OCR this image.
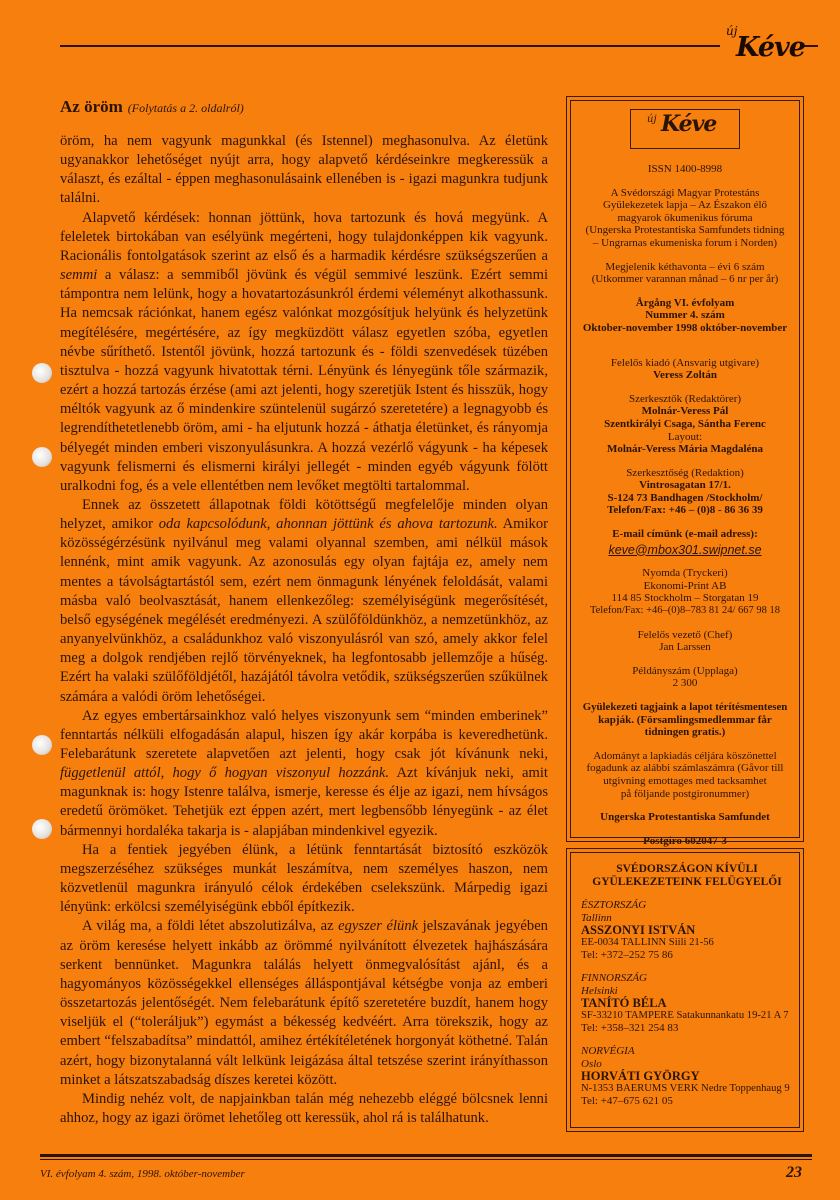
új
Kéve
Az öröm (Folytatás a 2. oldalról)

öröm, ha nem vagyunk magunkkal (és Istennel) meghasonulva. Az életünk ugyanakkor lehetőséget nyújt arra, hogy alapvető kérdéseinkre megkeressük a választ, és ezáltal - éppen meghasonulásaink ellenében is - igazi magunkra tudjunk találni.

Alapvető kérdések: honnan jöttünk, hova tartozunk és hová megyünk. A feleletek birtokában van esélyünk megérteni, hogy tulajdonképpen kik vagyunk. Racionális fontolgatások szerint az első és a harmadik kérdésre szükségszerűen a semmi a válasz: a semmiből jövünk és végül semmivé leszünk. Ezért semmi támpontra nem lelünk, hogy a hovatartozásunkról érdemi véleményt alkothassunk. Ha nemcsak rációnkat, hanem egész valónkat mozgósítjuk helyünk és helyzetünk megítélésére, megértésére, az így megküzdött válasz egyetlen szóba, egyetlen névbe sűríthető. Istentől jövünk, hozzá tartozunk és - földi szenvedések tüzében tisztulva - hozzá vagyunk hivatottak térni. Lényünk és lényegünk tőle származik, ezért a hozzá tartozás érzése (ami azt jelenti, hogy szeretjük Istent és hisszük, hogy méltók vagyunk az ő mindenkire szüntelenül sugárzó szeretetére) a legnagyobb és legrendíthetetlenebb öröm, ami - ha eljutunk hozzá - áthatja életünket, és rányomja bélyegét minden emberi viszonyulásunkra. A hozzá vezérlő vágyunk - ha képesek vagyunk felismerni és elismerni királyi jellegét - minden egyéb vágyunk fölött uralkodni fog, és a vele ellentétben nem levőket megtölti tartalommal.

Ennek az összetett állapotnak földi kötöttségű megfelelője minden olyan helyzet, amikor oda kapcsolódunk, ahonnan jöttünk és ahova tartozunk. Amikor közösségérzésünk nyilvánul meg valami olyannal szemben, ami nélkül mások lennénk, mint amik vagyunk. Az azonosulás egy olyan fajtája ez, amely nem mentes a távolságtartástól sem, ezért nem önmagunk lényének feloldását, valami másba való beolvasztását, hanem ellenkezőleg: személyiségünk megerősítését, belső egységének megélését eredményezi. A szülőföldünkhöz, a nemzetünkhöz, az anyanyelvünkhöz, a családunkhoz való viszonyulásról van szó, amely akkor felel meg a dolgok rendjében rejlő törvényeknek, ha legfontosabb jellemzője a hűség. Ezért ha valaki szülőföldjétől, hazájától távolra vetődik, szükségszerűen szűkülnek számára a valódi öröm lehetőségei.

Az egyes embertársainkhoz való helyes viszonyunk sem “minden emberinek” fenntartás nélküli elfogadásán alapul, hiszen így akár korpába is keveredhetünk. Felebarátunk szeretete alapvetően azt jelenti, hogy csak jót kívánunk neki, függetlenül attól, hogy ő hogyan viszonyul hozzánk. Azt kívánjuk neki, amit magunknak is: hogy Istenre találva, ismerje, keresse és élje az igazi, nem hívságos eredetű örömöket. Tehetjük ezt éppen azért, mert legbensőbb lényegünk - az élet bármennyi hordaléka takarja is - alapjában mindenkivel egyezik.

Ha a fentiek jegyében élünk, a létünk fenntartását biztosító eszközök megszerzéséhez szükséges munkát leszámítva, nem személyes haszon, nem közvetlenül magunkra irányuló célok érdekében cselekszünk. Márpedig igazi lényünk: erkölcsi személyiségünk ebből építkezik.

A világ ma, a földi létet abszolutizálva, az egyszer élünk jelszavának jegyében az öröm keresése helyett inkább az örömmé nyilvánított élvezetek hajhászására serkent bennünket. Magunkra találás helyett önmegvalósítást ajánl, és a hagyományos közösségekkel ellenséges álláspontjával kétségbe vonja az emberi összetartozás jelentőségét. Nem felebarátunk építő szeretetére buzdít, hanem hogy viseljük el (“toleráljuk”) egymást a békesség kedvéért. Arra törekszik, hogy az embert “felszabadítsa” mindattól, amihez értékítéletének horgonyát köthetné. Talán azért, hogy bizonytalanná vált lelkünk leigázása által tetszése szerint irányíthasson minket a látszatszabadság díszes keretei között.

Mindig nehéz volt, de napjainkban talán még nehezebb eléggé bölcsnek lenni ahhoz, hogy az igazi örömet lehetőleg ott keressük, ahol rá is találhatunk.

új Kéve
ISSN 1400-8998
A Svédországi Magyar Protestáns
Gyülekezetek lapja – Az Északon élő
magyarok ökumenikus fóruma
(Ungerska Protestantiska Samfundets tidning
– Ungrarnas ekumeniska forum i Norden)
Megjelenik kéthavonta – évi 6 szám
(Utkommer varannan månad – 6 nr per år)
Årgång VI. évfolyam
Nummer 4. szám
Oktober-november 1998 október-november
Felelős kiadó (Ansvarig utgivare)
Veress Zoltán
Szerkesztők (Redaktörer)
Molnár-Veress Pál
Szentkirályi Csaga, Sántha Ferenc
Layout:
Molnár-Veress Mária Magdaléna
Szerkesztőség (Redaktion)
Vintrosagatan 17/1.
S-124 73 Bandhagen /Stockholm/
Telefon/Fax: +46 – (0)8 - 86 36 39
E-mail címünk (e-mail adress):
keve@mbox301.swipnet.se
Nyomda (Tryckeri)
Ekonomi-Print AB
114 85 Stockholm – Storgatan 19
Telefon/Fax: +46–(0)8–783 81 24/ 667 98 18
Felelős vezető (Chef)
Jan Larssen
Példányszám (Upplaga)
2 300
Gyülekezeti tagjaink a lapot térítésmentesen
kapják. (Församlingsmedlemmar får
tidningen gratis.)
Adományt a lapkiadás céljára köszönettel
fogadunk az alábbi számlaszámra (Gåvor till
utgivning emottages med tacksamhet
på följande postgironummer)
Ungerska Protestantiska Samfundet
Postgiro 602047-3
SVÉDORSZÁGON KÍVÜLI
GYÜLEKEZETEINK FELÜGYELŐI
ÉSZTORSZÁG
Tallinn
ASSZONYI ISTVÁN
EE-0034 TALLINN Siili 21-56
Tel: +372–252 75 86
FINNORSZÁG
Helsinki
TANÍTÓ BÉLA
SF-33210 TAMPERE Satakunnankatu 19-21 A 7
Tel: +358–321 254 83
NORVÉGIA
Oslo
HORVÁTI GYÖRGY
N-1353 BAERUMS VERK Nedre Toppenhaug 9
Tel: +47–675 621 05
VI. évfolyam 4. szám, 1998. október-november	23
